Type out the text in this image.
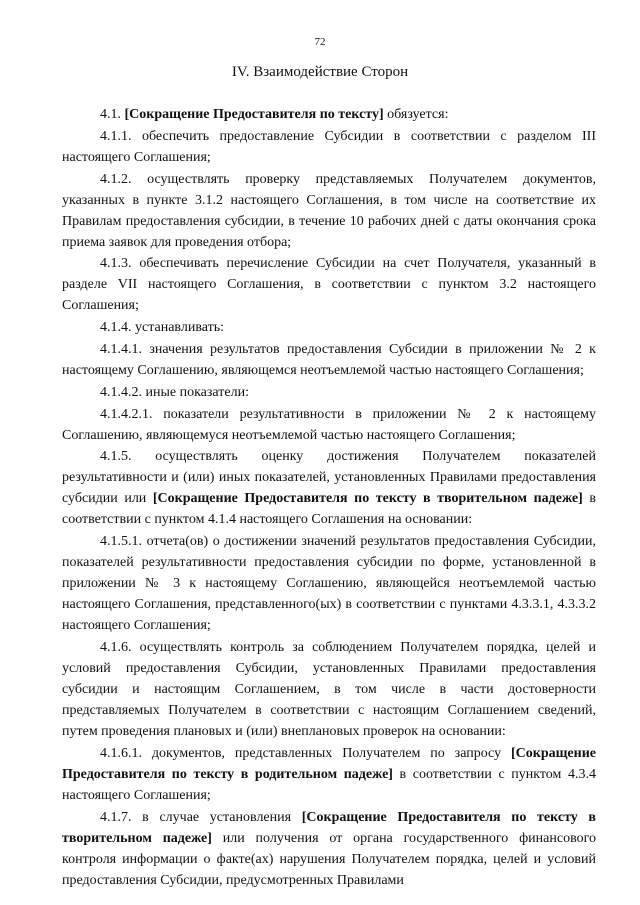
72
IV. Взаимодействие Сторон

4.1. [Сокращение Предоставителя по тексту] обязуется:

4.1.1. обеспечить предоставление Субсидии в соответствии с разделом III настоящего Соглашения;

4.1.2. осуществлять проверку представляемых Получателем документов, указанных в пункте 3.1.2 настоящего Соглашения, в том числе на соответствие их Правилам предоставления субсидии, в течение 10 рабочих дней с даты окончания срока приема заявок для проведения отбора;

4.1.3. обеспечивать перечисление Субсидии на счет Получателя, указанный в разделе VII настоящего Соглашения, в соответствии с пунктом 3.2 настоящего Соглашения;

4.1.4. устанавливать:

4.1.4.1. значения результатов предоставления Субсидии в приложении № 2 к настоящему Соглашению, являющемся неотъемлемой частью настоящего Соглашения;

4.1.4.2. иные показатели:

4.1.4.2.1. показатели результативности в приложении № 2 к настоящему Соглашению, являющемуся неотъемлемой частью настоящего Соглашения;

4.1.5. осуществлять оценку достижения Получателем показателей результативности и (или) иных показателей, установленных Правилами предоставления субсидии или [Сокращение Предоставителя по тексту в творительном падеже] в соответствии с пунктом 4.1.4 настоящего Соглашения на основании:

4.1.5.1. отчета(ов) о достижении значений результатов предоставления Субсидии, показателей результативности предоставления субсидии по форме, установленной в приложении № 3 к настоящему Соглашению, являющейся неотъемлемой частью настоящего Соглашения, представленного(ых) в соответствии с пунктами 4.3.3.1, 4.3.3.2 настоящего Соглашения;

4.1.6. осуществлять контроль за соблюдением Получателем порядка, целей и условий предоставления Субсидии, установленных Правилами предоставления субсидии и настоящим Соглашением, в том числе в части достоверности представляемых Получателем в соответствии с настоящим Соглашением сведений, путем проведения плановых и (или) внеплановых проверок на основании:

4.1.6.1. документов, представленных Получателем по запросу [Сокращение Предоставителя по тексту в родительном падеже] в соответствии с пунктом 4.3.4 настоящего Соглашения;

4.1.7. в случае установления [Сокращение Предоставителя по тексту в творительном падеже] или получения от органа государственного финансового контроля информации о факте(ах) нарушения Получателем порядка, целей и условий предоставления Субсидии, предусмотренных Правилами
